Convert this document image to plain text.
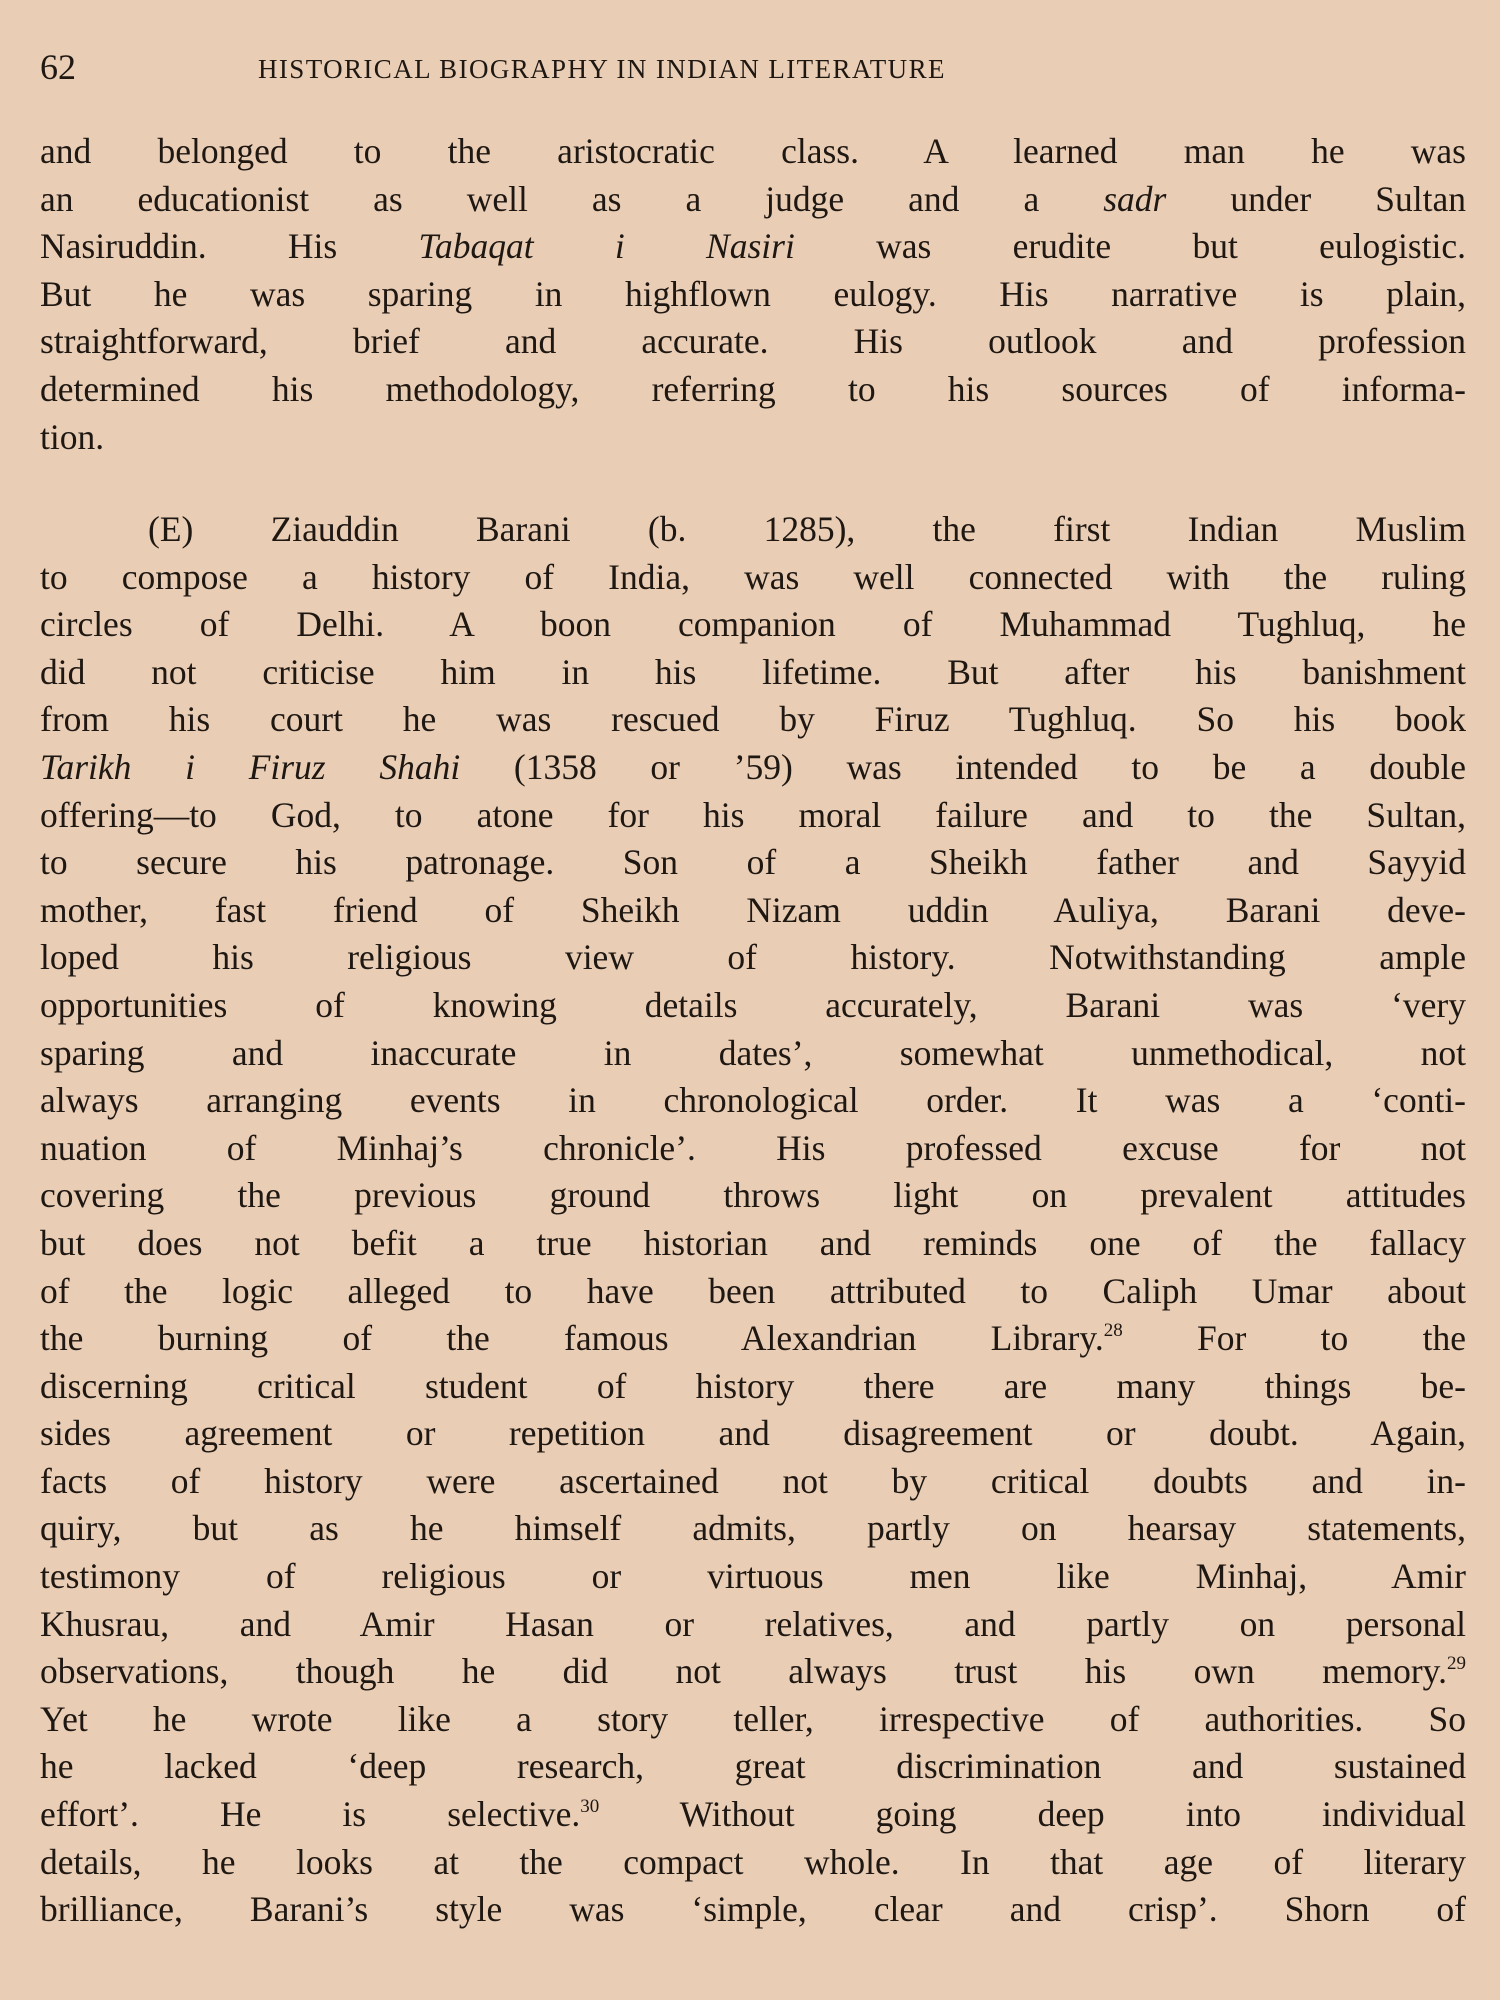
62	HISTORICAL BIOGRAPHY IN INDIAN LITERATURE
and belonged to the aristocratic class. A learned man he was
an educationist as well as a judge and a sadr under Sultan
Nasiruddin. His Tabaqat i Nasiri was erudite but eulogistic.
But he was sparing in highflown eulogy. His narrative is plain,
straightforward, brief and accurate. His outlook and profession
determined his methodology, referring to his sources of informa-
tion.
(E) Ziauddin Barani (b. 1285), the first Indian Muslim
to compose a history of India, was well connected with the ruling
circles of Delhi. A boon companion of Muhammad Tughluq, he
did not criticise him in his lifetime. But after his banishment
from his court he was rescued by Firuz Tughluq. So his book
Tarikh i Firuz Shahi (1358 or ’59) was intended to be a double
offering—to God, to atone for his moral failure and to the Sultan,
to secure his patronage. Son of a Sheikh father and Sayyid
mother, fast friend of Sheikh Nizam uddin Auliya, Barani deve-
loped his religious view of history. Notwithstanding ample
opportunities of knowing details accurately, Barani was ‘very
sparing and inaccurate in dates’, somewhat unmethodical, not
always arranging events in chronological order. It was a ‘conti-
nuation of Minhaj’s chronicle’. His professed excuse for not
covering the previous ground throws light on prevalent attitudes
but does not befit a true historian and reminds one of the fallacy
of the logic alleged to have been attributed to Caliph Umar about
the burning of the famous Alexandrian Library.$^{28}$ For to the
discerning critical student of history there are many things be-
sides agreement or repetition and disagreement or doubt. Again,
facts of history were ascertained not by critical doubts and in-
quiry, but as he himself admits, partly on hearsay statements,
testimony of religious or virtuous men like Minhaj, Amir
Khusrau, and Amir Hasan or relatives, and partly on personal
observations, though he did not always trust his own memory.$^{29}$
Yet he wrote like a story teller, irrespective of authorities. So
he lacked ‘deep research, great discrimination and sustained
effort’. He is selective.$^{30}$ Without going deep into individual
details, he looks at the compact whole. In that age of literary
brilliance, Barani’s style was ‘simple, clear and crisp’. Shorn of
